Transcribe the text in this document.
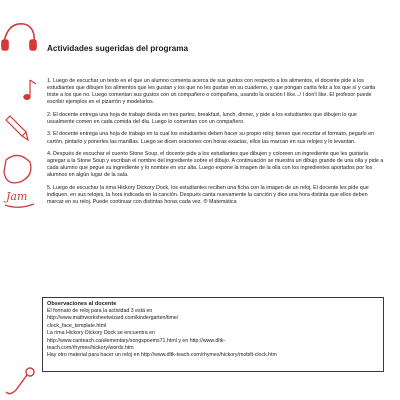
Jam
Actividades sugeridas del programa

1. Luego de escuchar un texto en el que un alumno comenta acerca de sus gustos con respecto a los alimentos, el docente pide a los estudiantes que dibujen los alimentos que les gustan y los que no les gustan en su cuaderno, y que pongan carita feliz a los que sí y carita triste a los que no. Luego comentan sus gustos con un compañero o compañera, usando la oración I like.../ I don't like. El profesor puede escribir ejemplos en el pizarrón y modelarlos.

2. El docente entrega una hoja de trabajo divida en tres partes, breakfast, lunch, dinner, y pide a los estudiantes que dibujen lo que usualmente comen en cada comida del día. Luego lo comentan con un compañero.

3. El docente entrega una hoja de trabajo en la cual los estudiantes deben hacer su propio reloj: tienen que recortar el formato, pegarlo en cartón, pintarlo y ponerles las manillas. Luego se dicen oraciones con horas exactas, ellos las marcan en sus relojes y lo levantan.

4. Después de escuchar el cuento Stone Soup, el docente pide a los estudiantes que dibujen y coloreen un ingrediente que les gustaría agregar a la Stone Soup y escriban el nombre del ingrediente sobre el dibujo. A continuación se muestra un dibujo grande de una olla y pide a cada alumno que pegue su ingrediente y lo nombre en voz alta. Luego expone la imagen de la olla con los ingredientes aportados por los alumnos en algún lugar de la sala.

5. Luego de escuchar la rima Hickory Dickory Dock, los estudiantes reciben una ficha con la imagen de un reloj. El docente les pide que indiquen, en sus relojes, la hora indicada en la canción. Después canta nuevamente la canción y dice una hora distinta que ellos deben marcar en su reloj. Puede continuar con distintas horas cada vez. ® Matemática

Observaciones al docente
El formato de reloj para la actividad 3 está en
http://www.mathworksheetwizard.com/kindergarten/time/
clock_face_template.html
La rima Hickory Dickory Dock se encuentra en
http://www.canteach.ca/elementary/songspoems71.html y en http://www.dltk-
teach.com/rhymes/hickory/words.htm
Hay otro material para hacer un reloj en http://www.dltk-teach.com/rhymes/hickory/mobilt-clock.htm
